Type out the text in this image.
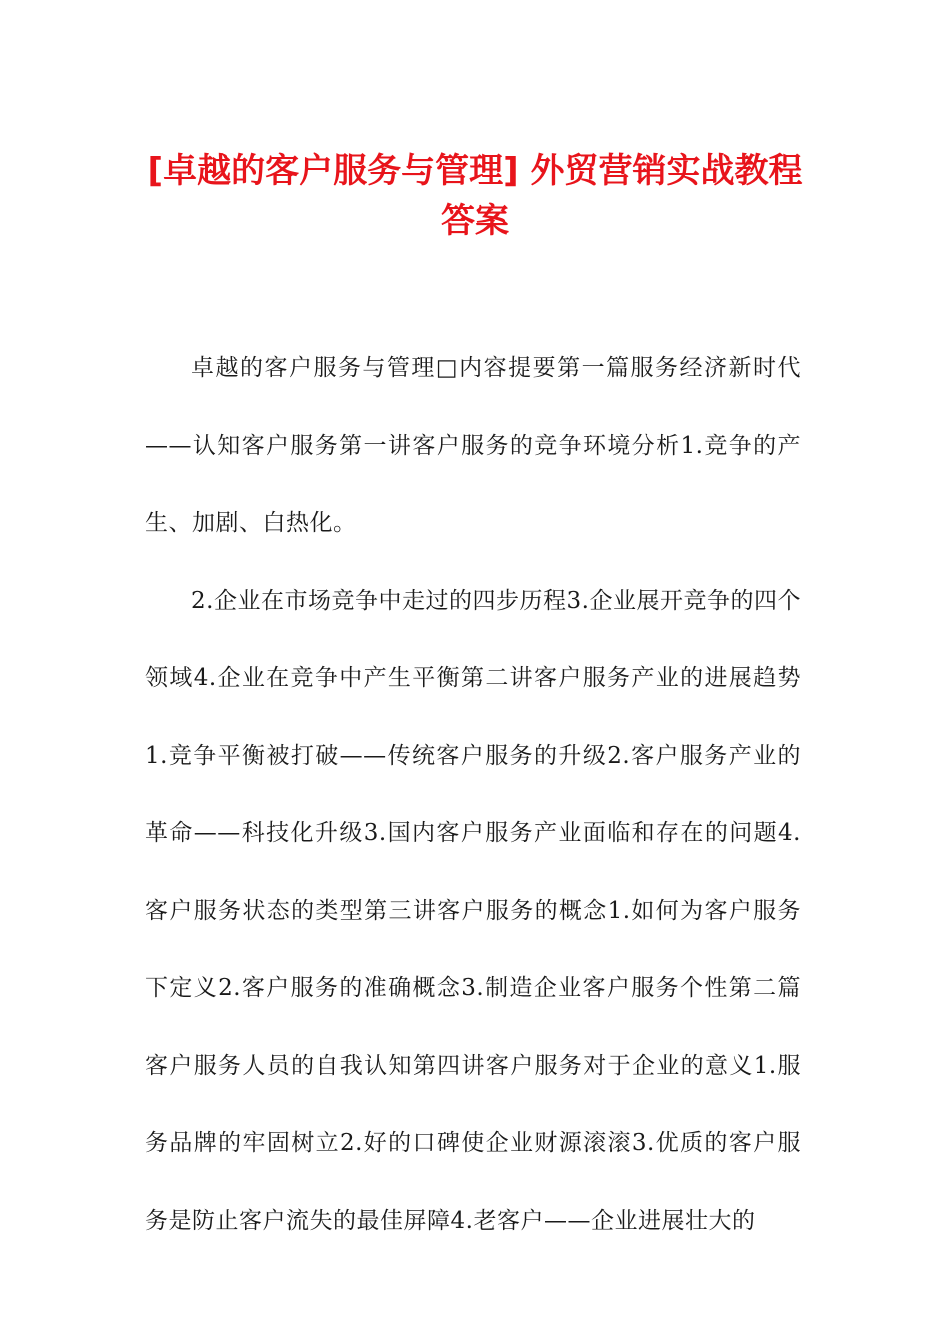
[卓越的客户服务与管理] 外贸营销实战教程
答案

卓越的客户服务与管理□内容提要第一篇服务经济新时代——认知客户服务第一讲客户服务的竞争环境分析1.竞争的产生、加剧、白热化。

2.企业在市场竞争中走过的四步历程3.企业展开竞争的四个领域4.企业在竞争中产生平衡第二讲客户服务产业的进展趋势1.竞争平衡被打破——传统客户服务的升级2.客户服务产业的革命——科技化升级3.国内客户服务产业面临和存在的问题4.客户服务状态的类型第三讲客户服务的概念1.如何为客户服务下定义2.客户服务的准确概念3.制造企业客户服务个性第二篇客户服务人员的自我认知第四讲客户服务对于企业的意义1.服务品牌的牢固树立2.好的口碑使企业财源滚滚3.优质的客户服务是防止客户流失的最佳屏障4.老客户——企业进展壮大的
